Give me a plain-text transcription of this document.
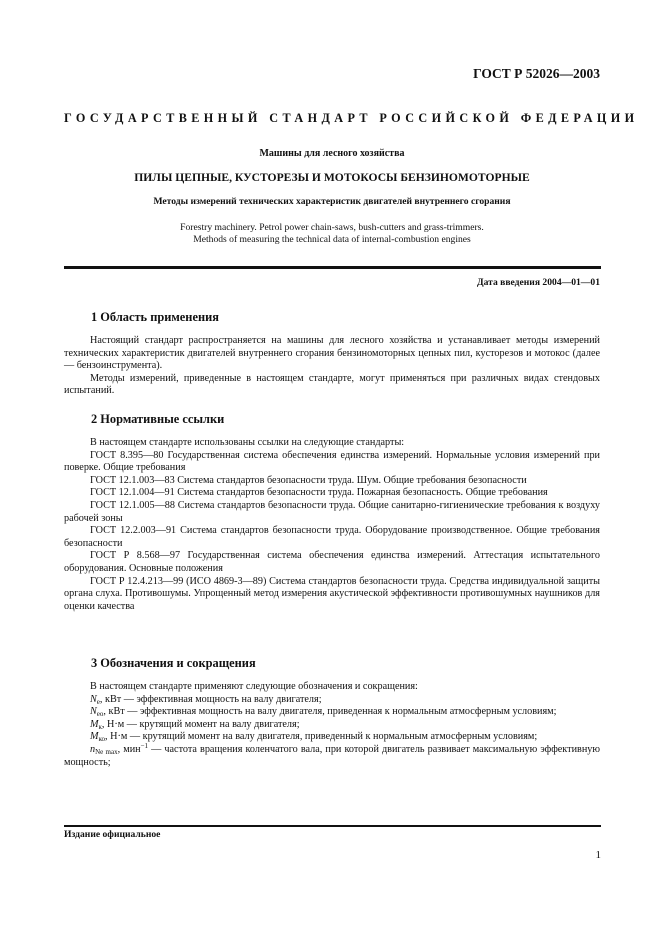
ГОСТ Р 52026—2003
ГОСУДАРСТВЕННЫЙ СТАНДАРТ РОССИЙСКОЙ ФЕДЕРАЦИИ
Машины для лесного хозяйства
ПИЛЫ ЦЕПНЫЕ, КУСТОРЕЗЫ И МОТОКОСЫ БЕНЗИНОМОТОРНЫЕ
Методы измерений технических характеристик двигателей внутреннего сгорания
Forestry machinery. Petrol power chain-saws, bush-cutters and grass-trimmers.
Methods of measuring the technical data of internal-combustion engines
Дата введения 2004—01—01
1 Область применения

Настоящий стандарт распространяется на машины для лесного хозяйства и устанавливает методы измерений технических характеристик двигателей внутреннего сгорания бензиномоторных цепных пил, кусторезов и мотокос (далее — бензоинструмента).

Методы измерений, приведенные в настоящем стандарте, могут применяться при различных видах стендовых испытаний.

2 Нормативные ссылки

В настоящем стандарте использованы ссылки на следующие стандарты:

ГОСТ 8.395—80 Государственная система обеспечения единства измерений. Нормальные условия измерений при поверке. Общие требования

ГОСТ 12.1.003—83 Система стандартов безопасности труда. Шум. Общие требования безопасности

ГОСТ 12.1.004—91 Система стандартов безопасности труда. Пожарная безопасность. Общие требования

ГОСТ 12.1.005—88 Система стандартов безопасности труда. Общие санитарно-гигиенические требования к воздуху рабочей зоны

ГОСТ 12.2.003—91 Система стандартов безопасности труда. Оборудование производственное. Общие требования безопасности

ГОСТ Р 8.568—97 Государственная система обеспечения единства измерений. Аттестация испытательного оборудования. Основные положения

ГОСТ Р 12.4.213—99 (ИСО 4869-3—89) Система стандартов безопасности труда. Средства индивидуальной защиты органа слуха. Противошумы. Упрощенный метод измерения акустической эффективности противошумных наушников для оценки качества

3 Обозначения и сокращения

В настоящем стандарте применяют следующие обозначения и сокращения:

$N_e$, кВт — эффективная мощность на валу двигателя;

$N_{eo}$, кВт — эффективная мощность на валу двигателя, приведенная к нормальным атмосферным условиям;

$M_к$, Н·м — крутящий момент на валу двигателя;

$M_{ко}$, Н·м — крутящий момент на валу двигателя, приведенный к нормальным атмосферным условиям;

$n_{Ne max}$, мин$^{-1}$ — частота вращения коленчатого вала, при которой двигатель развивает максимальную эффективную мощность;

Издание официальное
1
